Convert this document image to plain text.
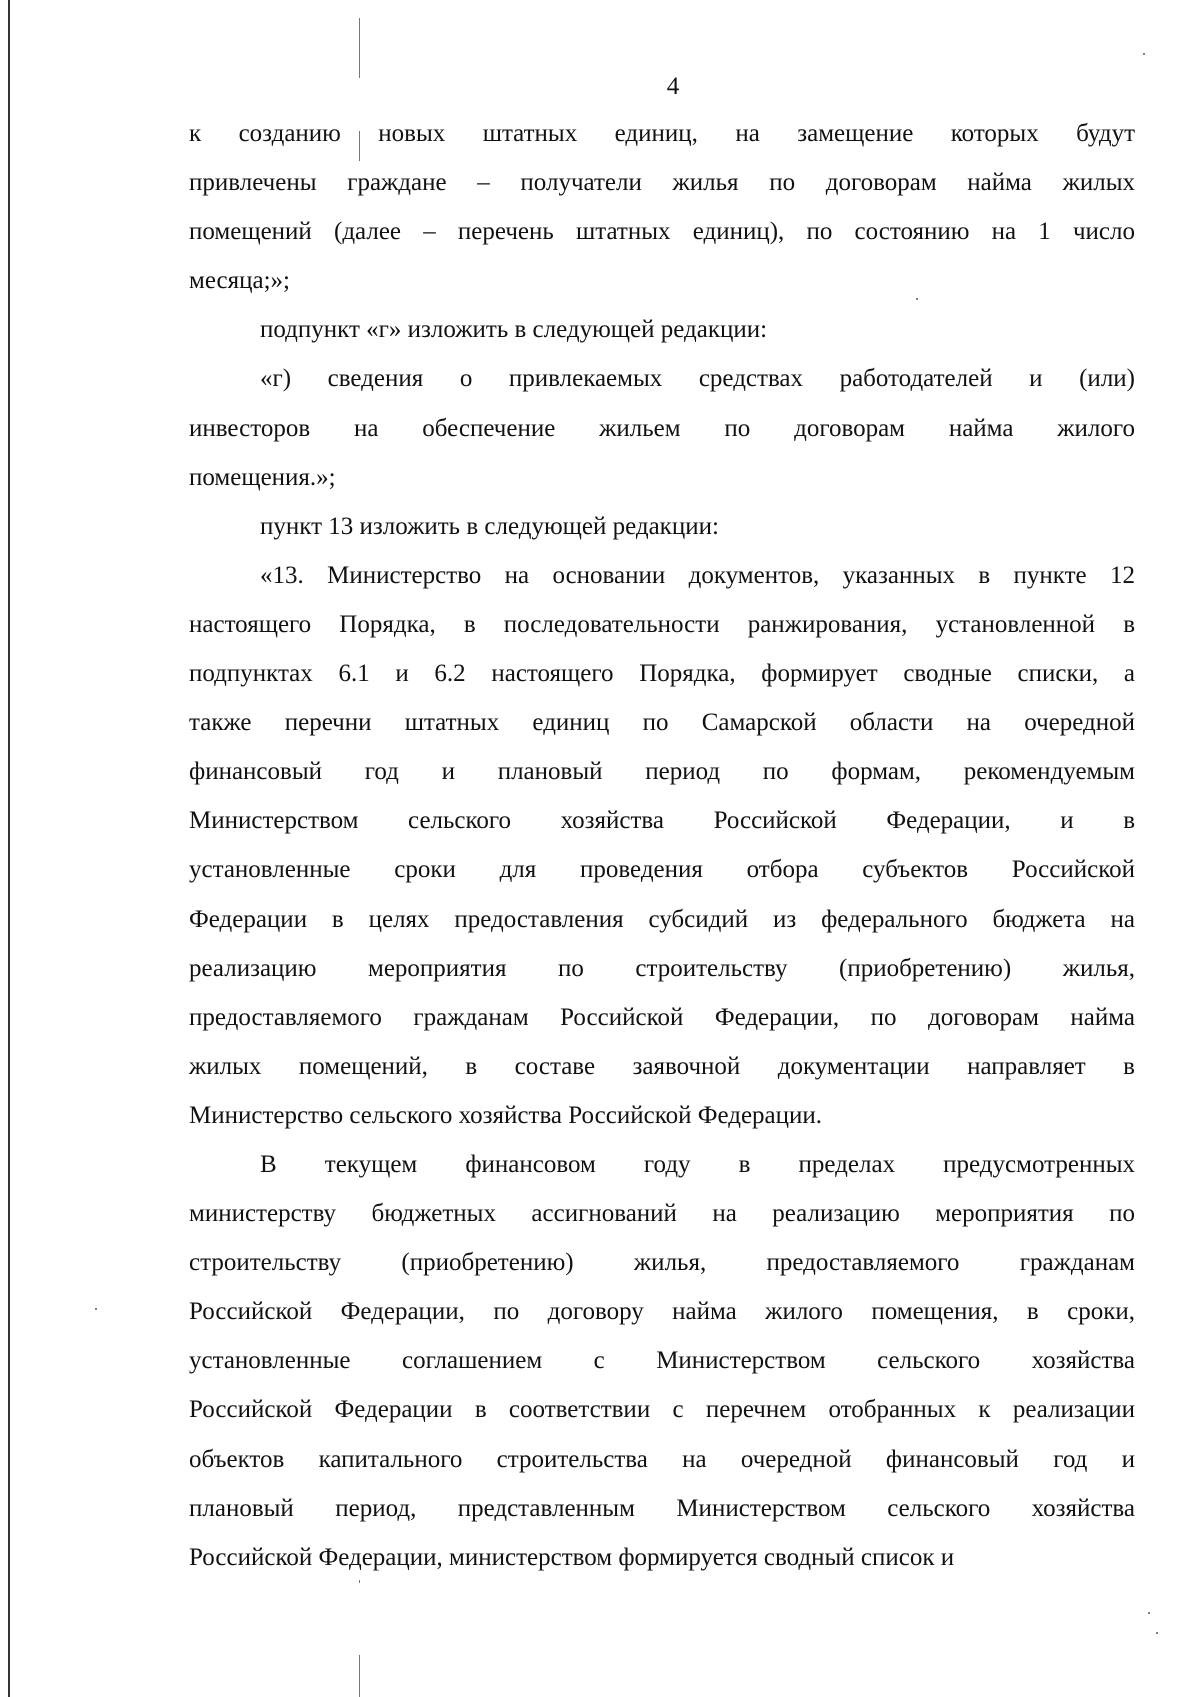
4
к созданию новых штатных единиц, на замещение которых будут
привлечены граждане – получатели жилья по договорам найма жилых
помещений (далее – перечень штатных единиц), по состоянию на 1 число
месяца;»;
подпункт «г» изложить в следующей редакции:
«г) сведения о привлекаемых средствах работодателей и (или)
инвесторов на обеспечение жильем по договорам найма жилого
помещения.»;
пункт 13 изложить в следующей редакции:
«13. Министерство на основании документов, указанных в пункте 12
настоящего Порядка, в последовательности ранжирования, установленной в
подпунктах 6.1 и 6.2 настоящего Порядка, формирует сводные списки, а
также перечни штатных единиц по Самарской области на очередной
финансовый год и плановый период по формам, рекомендуемым
Министерством сельского хозяйства Российской Федерации, и в
установленные сроки для проведения отбора субъектов Российской
Федерации в целях предоставления субсидий из федерального бюджета на
реализацию мероприятия по строительству (приобретению) жилья,
предоставляемого гражданам Российской Федерации, по договорам найма
жилых помещений, в составе заявочной документации направляет в
Министерство сельского хозяйства Российской Федерации.
В текущем финансовом году в пределах предусмотренных
министерству бюджетных ассигнований на реализацию мероприятия по
строительству (приобретению) жилья, предоставляемого гражданам
Российской Федерации, по договору найма жилого помещения, в сроки,
установленные соглашением с Министерством сельского хозяйства
Российской Федерации в соответствии с перечнем отобранных к реализации
объектов капитального строительства на очередной финансовый год и
плановый период, представленным Министерством сельского хозяйства
Российской Федерации, министерством формируется сводный список и
